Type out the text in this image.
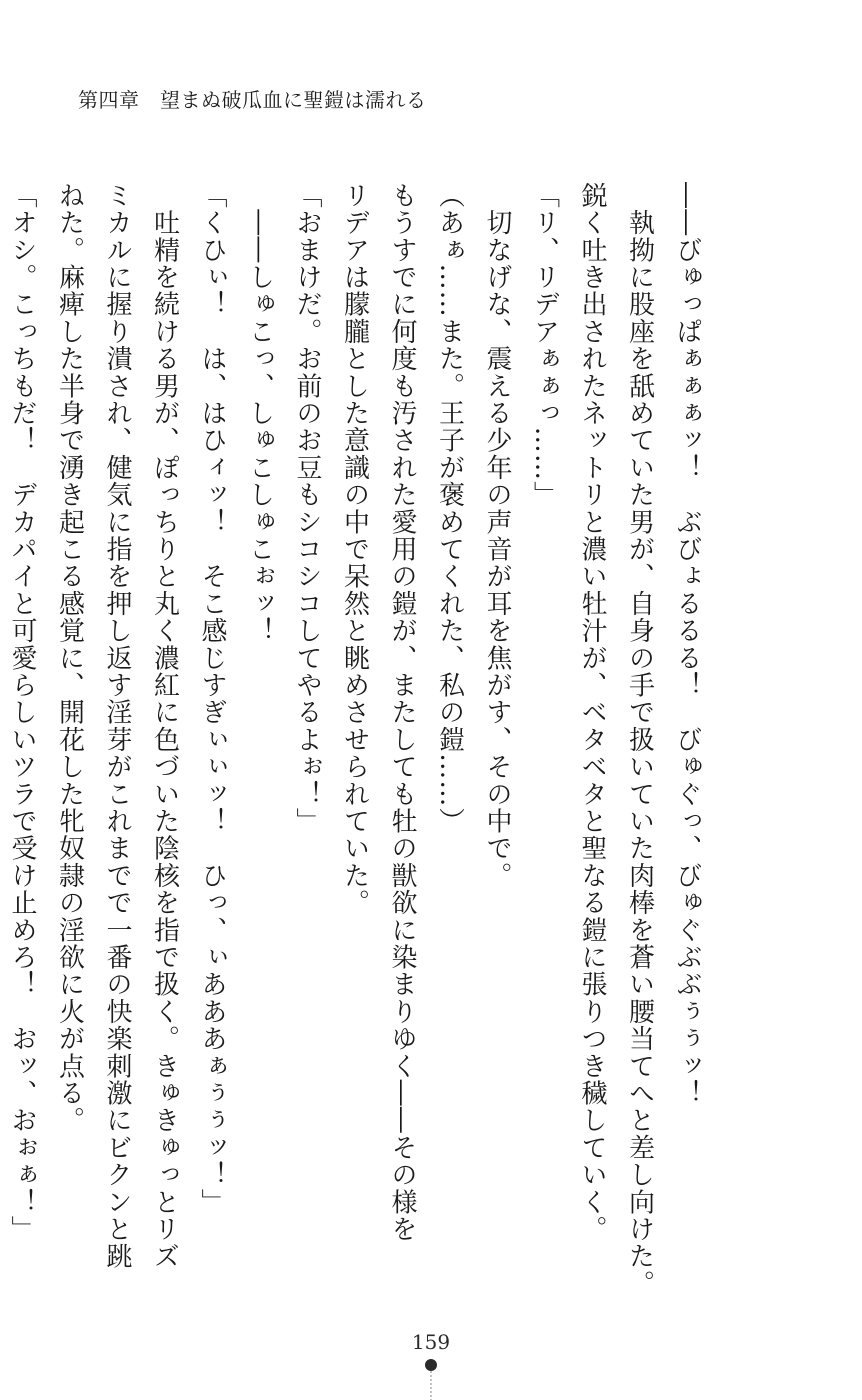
第四章　望まぬ破瓜血に聖鎧は濡れる
――びゅっぱぁぁぁッ！　ぶびょるるる！　びゅぐっ、びゅぐぶぶぅぅッ！
　執拗に股座を舐めていた男が、自身の手で扱いていた肉棒を蒼い腰当てへと差し向けた。
鋭く吐き出されたネットリと濃い牡汁が、ベタベタと聖なる鎧に張りつき穢していく。
「リ、リデアぁぁっ……」
　切なげな、震える少年の声音が耳を焦がす、その中で。
（あぁ……また。王子が褒めてくれた、私の鎧……）
もうすでに何度も汚された愛用の鎧が、またしても牡の獣欲に染まりゆく――その様を
リデアは朦朧とした意識の中で呆然と眺めさせられていた。
「おまけだ。お前のお豆もシコシコしてやるよぉ！」
　――しゅこっ、しゅこしゅこぉッ！
「くひぃ！　は、はひィッ！　そこ感じすぎぃぃッ！　ひっ、ぃあああぁぅぅッ！」
　吐精を続ける男が、ぽっちりと丸く濃紅に色づいた陰核を指で扱く。きゅきゅっとリズ
ミカルに握り潰され、健気に指を押し返す淫芽がこれまでで一番の快楽刺激にビクンと跳
ねた。麻痺した半身で湧き起こる感覚に、開花した牝奴隷の淫欲に火が点る。
「オシ。こっちもだ！　デカパイと可愛らしいツラで受け止めろ！　おッ、おぉぁ！」
159
